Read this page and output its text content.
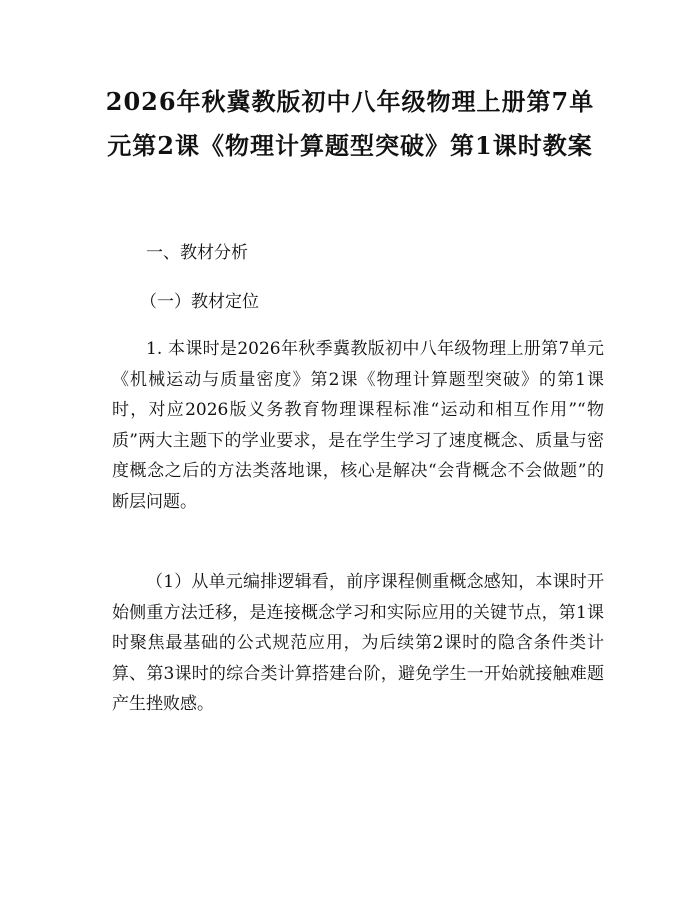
2026年秋冀教版初中八年级物理上册第7单元第2课《物理计算题型突破》第1课时教案

一、教材分析

（一）教材定位

1. 本课时是2026年秋季冀教版初中八年级物理上册第7单元《机械运动与质量密度》第2课《物理计算题型突破》的第1课时，对应2026版义务教育物理课程标准“运动和相互作用”“物质”两大主题下的学业要求，是在学生学习了速度概念、质量与密度概念之后的方法类落地课，核心是解决“会背概念不会做题”的断层问题。

（1）从单元编排逻辑看，前序课程侧重概念感知，本课时开始侧重方法迁移，是连接概念学习和实际应用的关键节点，第1课时聚焦最基础的公式规范应用，为后续第2课时的隐含条件类计算、第3课时的综合类计算搭建台阶，避免学生一开始就接触难题产生挫败感。
